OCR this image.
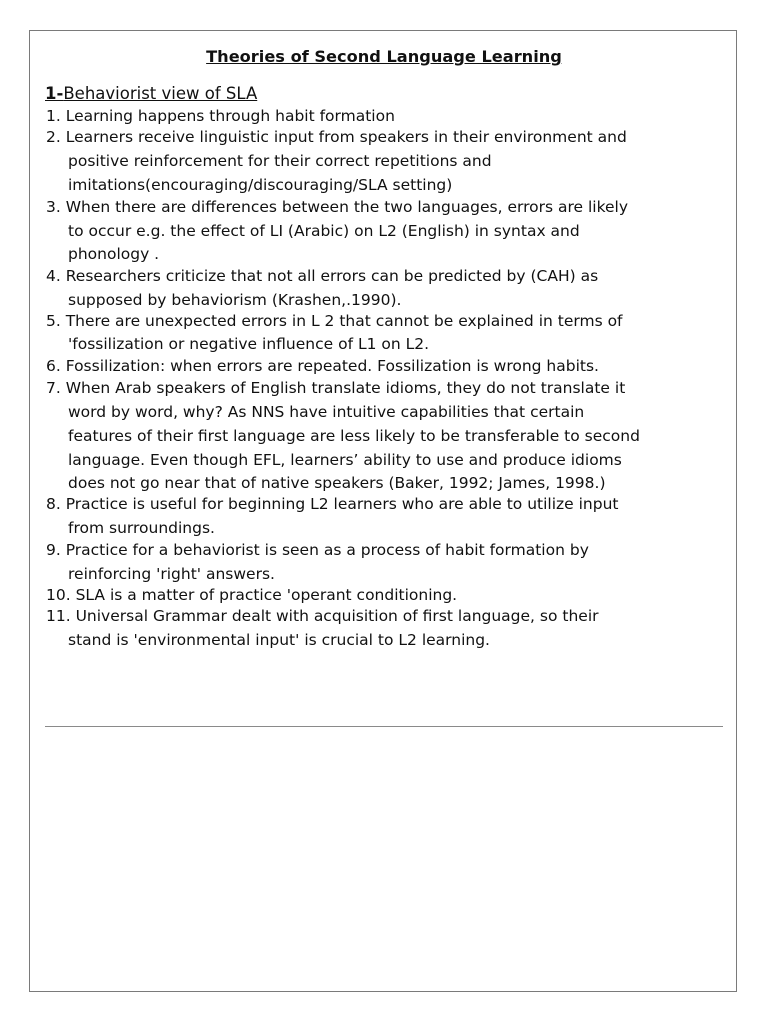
Theories of Second Language Learning
1-Behaviorist view of SLA
1. Learning happens through habit formation
2. Learners receive linguistic input from speakers in their environment and
positive reinforcement for their correct repetitions and
imitations(encouraging/discouraging/SLA setting)
3. When there are differences between the two languages, errors are likely
to occur e.g. the effect of LI (Arabic) on L2 (English) in syntax and
phonology .
4. Researchers criticize that not all errors can be predicted by (CAH) as
supposed by behaviorism (Krashen,.1990).
5. There are unexpected errors in L 2 that cannot be explained in terms of
'fossilization or negative influence of L1 on L2.
6. Fossilization: when errors are repeated. Fossilization is wrong habits.
7. When Arab speakers of English translate idioms, they do not translate it
word by word, why? As NNS have intuitive capabilities that certain
features of their first language are less likely to be transferable to second
language. Even though EFL, learners’ ability to use and produce idioms
does not go near that of native speakers (Baker, 1992; James, 1998.)
8. Practice is useful for beginning L2 learners who are able to utilize input
from surroundings.
9. Practice for a behaviorist is seen as a process of habit formation by
reinforcing 'right' answers.
10. SLA is a matter of practice 'operant conditioning.
11. Universal Grammar dealt with acquisition of first language, so their
stand is 'environmental input' is crucial to L2 learning.
